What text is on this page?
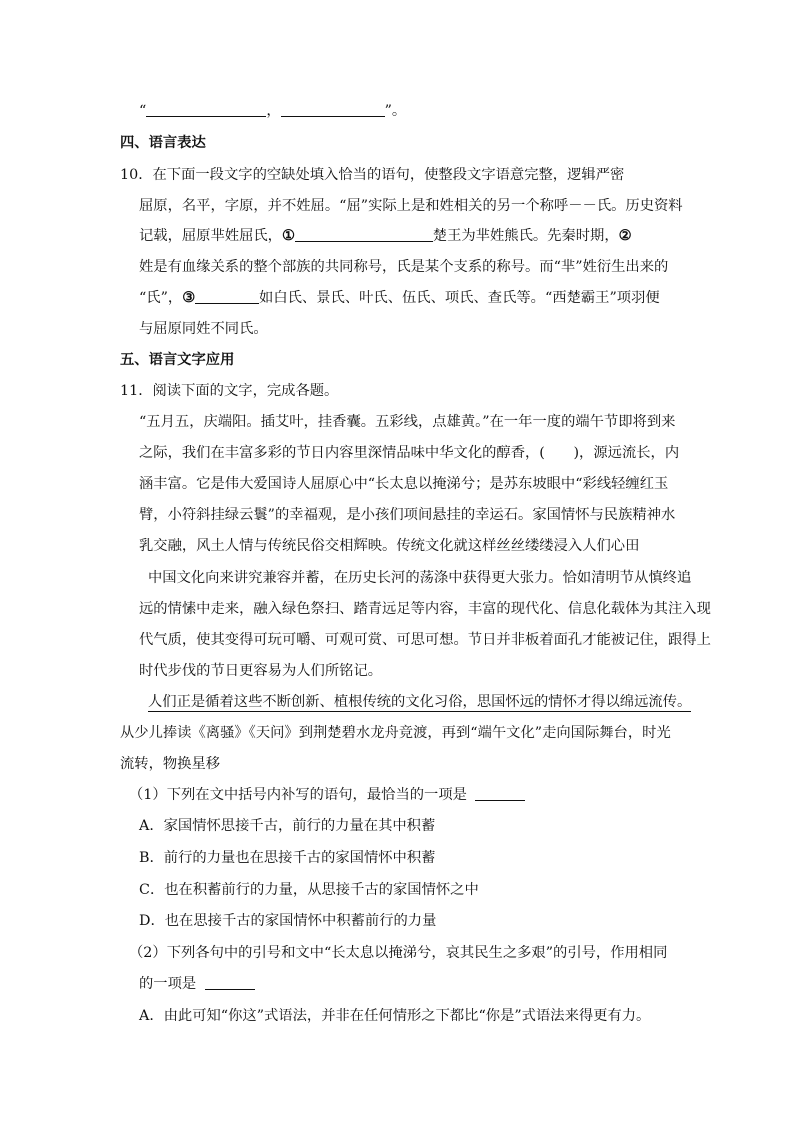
“	，	”。
四、语言表达
10．在下面一段文字的空缺处填入恰当的语句，使整段文字语意完整，逻辑严密
屈原，名平，字原，并不姓屈。“屈”实际上是和姓相关的另一个称呼－－氏。历史资料
记载，屈原芈姓屈氏，①	楚王为芈姓熊氏。先秦时期，②
姓是有血缘关系的整个部族的共同称号，氏是某个支系的称号。而“芈”姓衍生出来的
“氏”，③	如白氏、景氏、叶氏、伍氏、项氏、查氏等。“西楚霸王”项羽便
与屈原同姓不同氏。
五、语言文字应用
11．阅读下面的文字，完成各题。
“五月五，庆端阳。插艾叶，挂香囊。五彩线，点雄黄。”在一年一度的端午节即将到来
之际，我们在丰富多彩的节日内容里深情品味中华文化的醇香，(　　)，源远流长，内
涵丰富。它是伟大爱国诗人屈原心中“长太息以掩涕兮；是苏东坡眼中“彩线轻缠红玉
臂，小符斜挂绿云鬟”的幸福观，是小孩们项间悬挂的幸运石。家国情怀与民族精神水
乳交融，风土人情与传统民俗交相辉映。传统文化就这样丝丝缕缕浸入人们心田
中国文化向来讲究兼容并蓄，在历史长河的荡涤中获得更大张力。恰如清明节从慎终追
远的情愫中走来，融入绿色祭扫、踏青远足等内容，丰富的现代化、信息化载体为其注入现
代气质，使其变得可玩可嚼、可观可赏、可思可想。节日并非板着面孔才能被记住，跟得上
时代步伐的节日更容易为人们所铭记。
人们正是循着这些不断创新、植根传统的文化习俗，思国怀远的情怀才得以绵远流传。
从少儿捧读《离骚》《天问》到荆楚碧水龙舟竞渡，再到“端午文化”走向国际舞台，时光
流转，物换星移
（1）下列在文中括号内补写的语句，最恰当的一项是
A．家国情怀思接千古，前行的力量在其中积蓄
B．前行的力量也在思接千古的家国情怀中积蓄
C．也在积蓄前行的力量，从思接千古的家国情怀之中
D．也在思接千古的家国情怀中积蓄前行的力量
（2）下列各句中的引号和文中“长太息以掩涕兮，哀其民生之多艰”的引号，作用相同
的一项是
A．由此可知“你这”式语法，并非在任何情形之下都比“你是”式语法来得更有力。
